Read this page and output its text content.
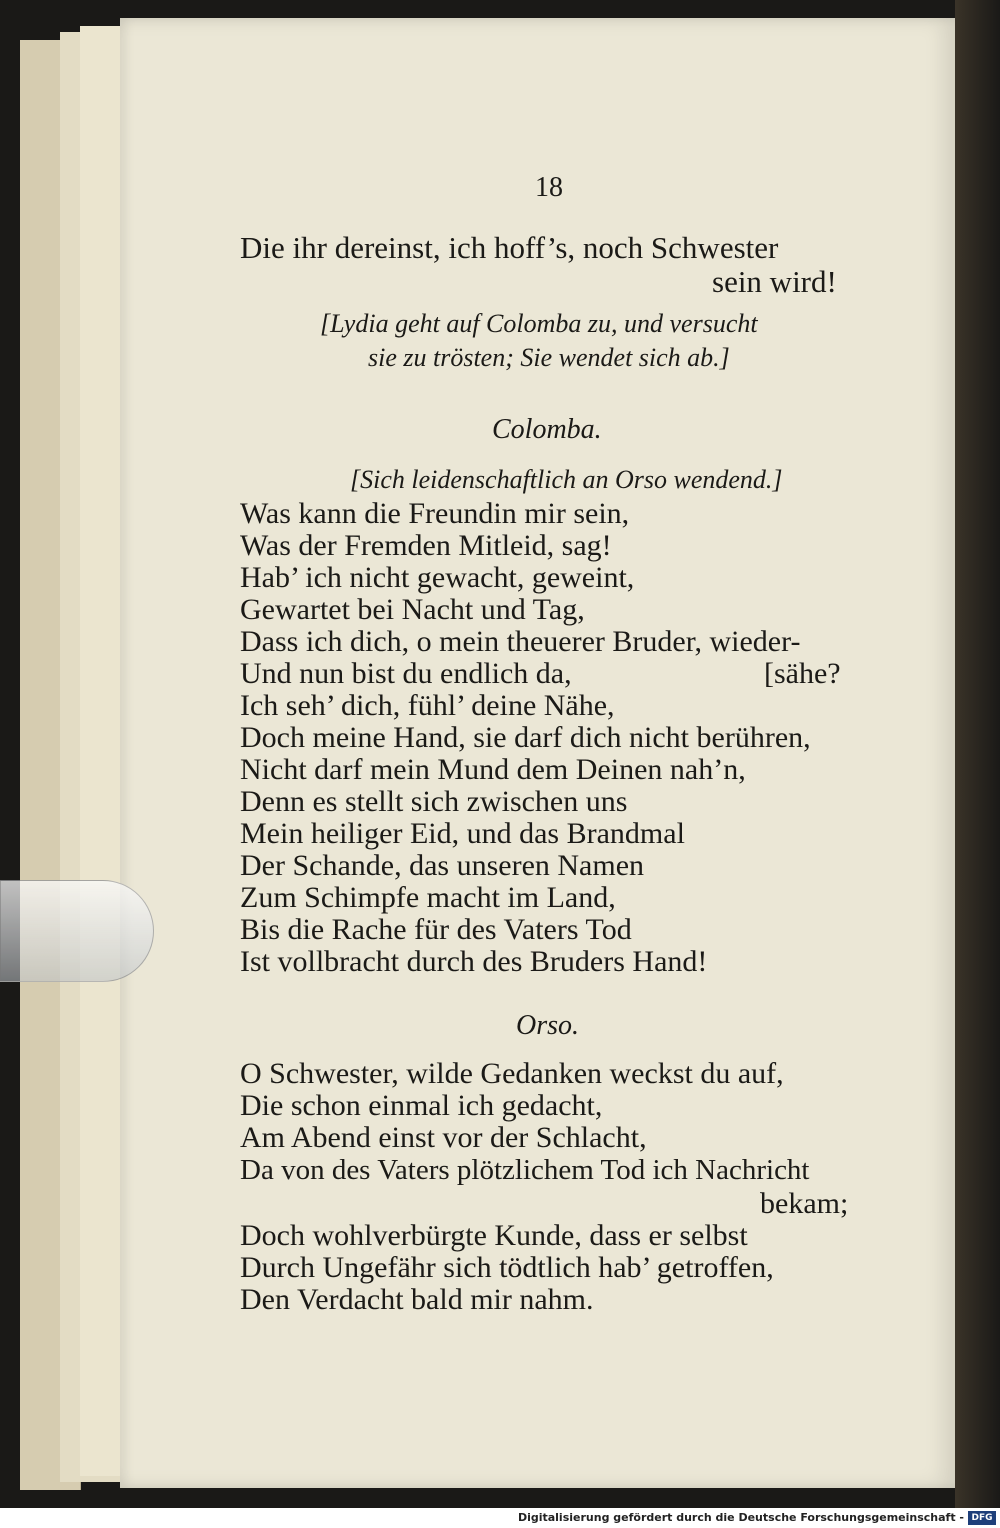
18
Die ihr dereinst, ich hoff’s, noch Schwester
sein wird!
[Lydia geht auf Colomba zu, und versucht
sie zu trösten; Sie wendet sich ab.]
Colomba.
[Sich leidenschaftlich an Orso wendend.]
Was kann die Freundin mir sein,
Was der Fremden Mitleid, sag!
Hab’ ich nicht gewacht, geweint,
Gewartet bei Nacht und Tag,
Dass ich dich, o mein theuerer Bruder, wieder-
Und nun bist du endlich da,	[sähe?
Ich seh’ dich, fühl’ deine Nähe,
Doch meine Hand, sie darf dich nicht berühren,
Nicht darf mein Mund dem Deinen nah’n,
Denn es stellt sich zwischen uns
Mein heiliger Eid, und das Brandmal
Der Schande, das unseren Namen
Zum Schimpfe macht im Land,
Bis die Rache für des Vaters Tod
Ist vollbracht durch des Bruders Hand!
Orso.
O Schwester, wilde Gedanken weckst du auf,
Die schon einmal ich gedacht,
Am Abend einst vor der Schlacht,
Da von des Vaters plötzlichem Tod ich Nachricht
bekam;
Doch wohlverbürgte Kunde, dass er selbst
Durch Ungefähr sich tödtlich hab’ getroffen,
Den Verdacht bald mir nahm.
Digitalisierung gefördert durch die Deutsche Forschungsgemeinschaft - DFG
